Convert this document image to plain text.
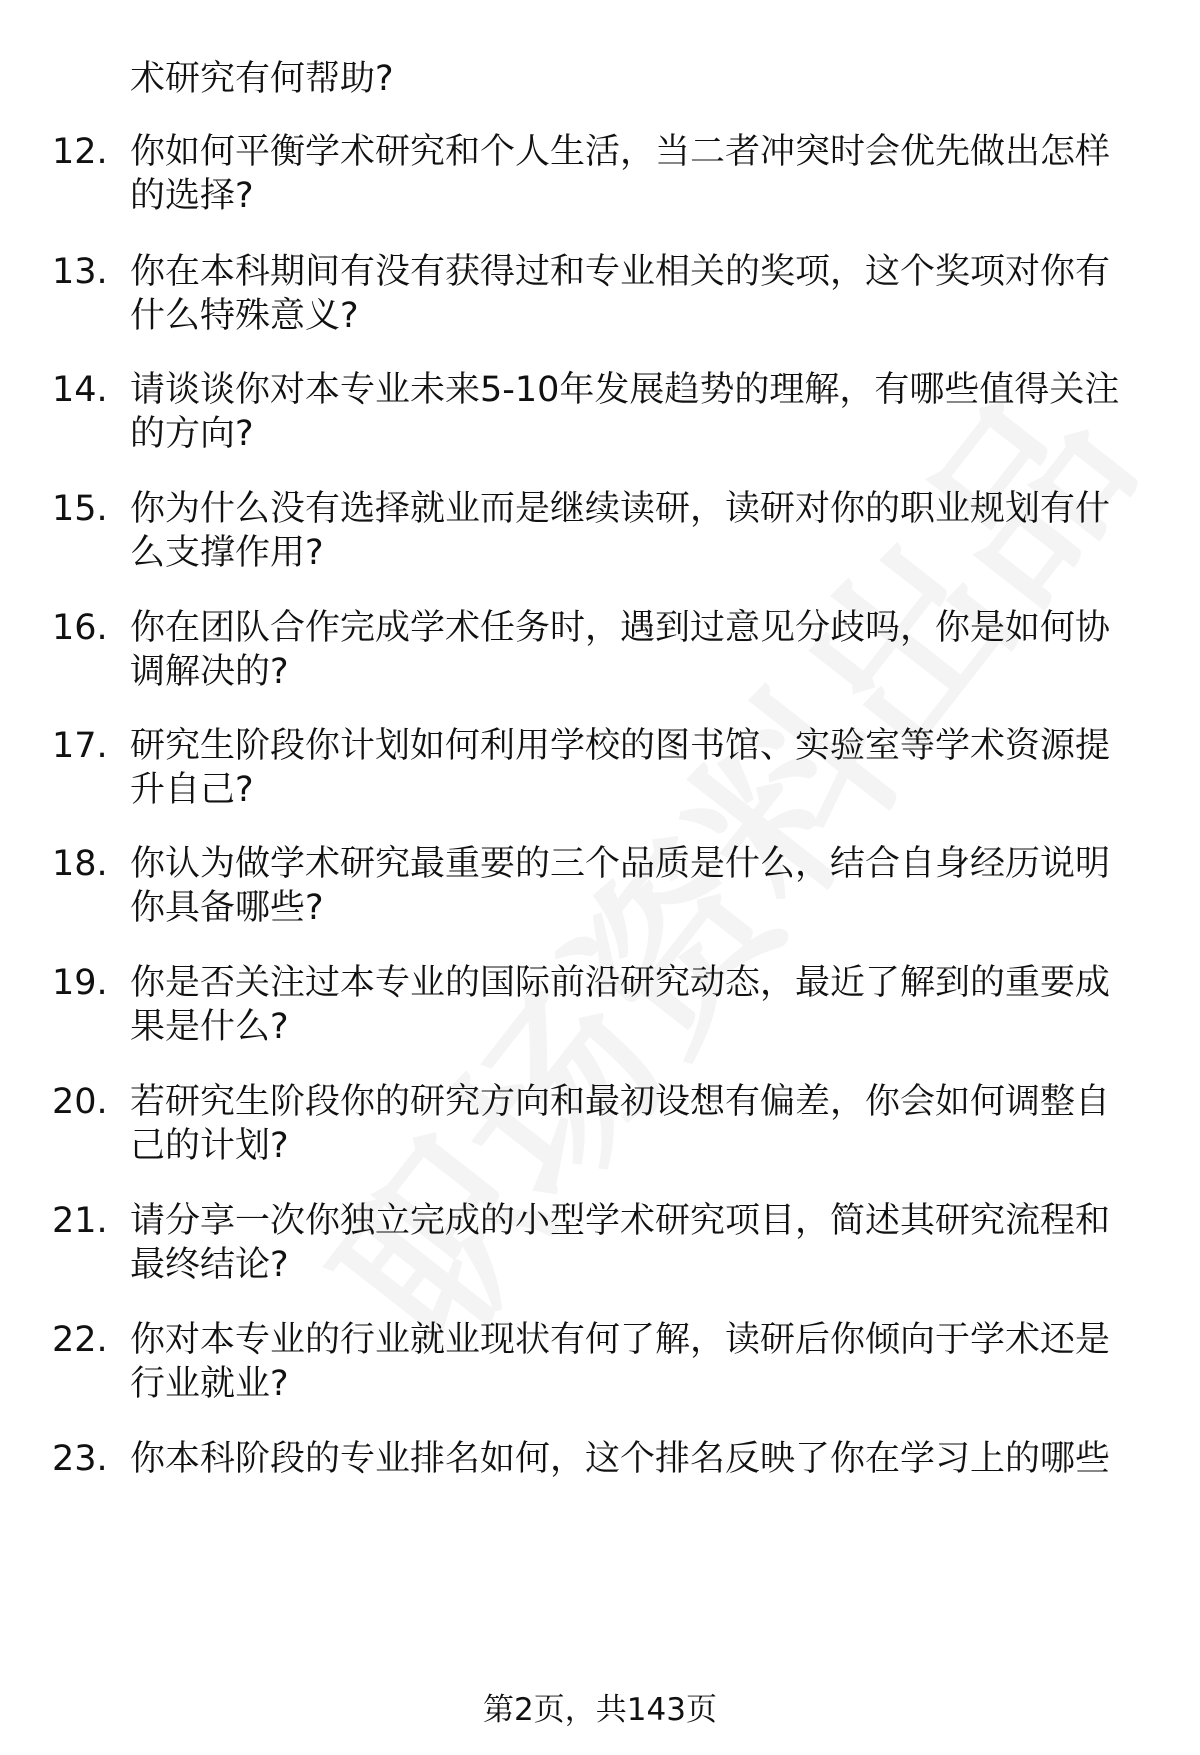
术研究有何帮助?
12. 你如何平衡学术研究和个人生活，当二者冲突时会优先做出怎样
的选择?
13. 你在本科期间有没有获得过和专业相关的奖项，这个奖项对你有
什么特殊意义?
14. 请谈谈你对本专业未来5-10年发展趋势的理解，有哪些值得关注
的方向?
15. 你为什么没有选择就业而是继续读研，读研对你的职业规划有什
么支撑作用?
16. 你在团队合作完成学术任务时，遇到过意见分歧吗，你是如何协
调解决的?
17. 研究生阶段你计划如何利用学校的图书馆、实验室等学术资源提
升自己?
18. 你认为做学术研究最重要的三个品质是什么，结合自身经历说明
你具备哪些?
19. 你是否关注过本专业的国际前沿研究动态，最近了解到的重要成
果是什么?
20. 若研究生阶段你的研究方向和最初设想有偏差，你会如何调整自
己的计划?
21. 请分享一次你独立完成的小型学术研究项目，简述其研究流程和
最终结论?
22. 你对本专业的行业就业现状有何了解，读研后你倾向于学术还是
行业就业?
23. 你本科阶段的专业排名如何，这个排名反映了你在学习上的哪些
第2页，共143页
